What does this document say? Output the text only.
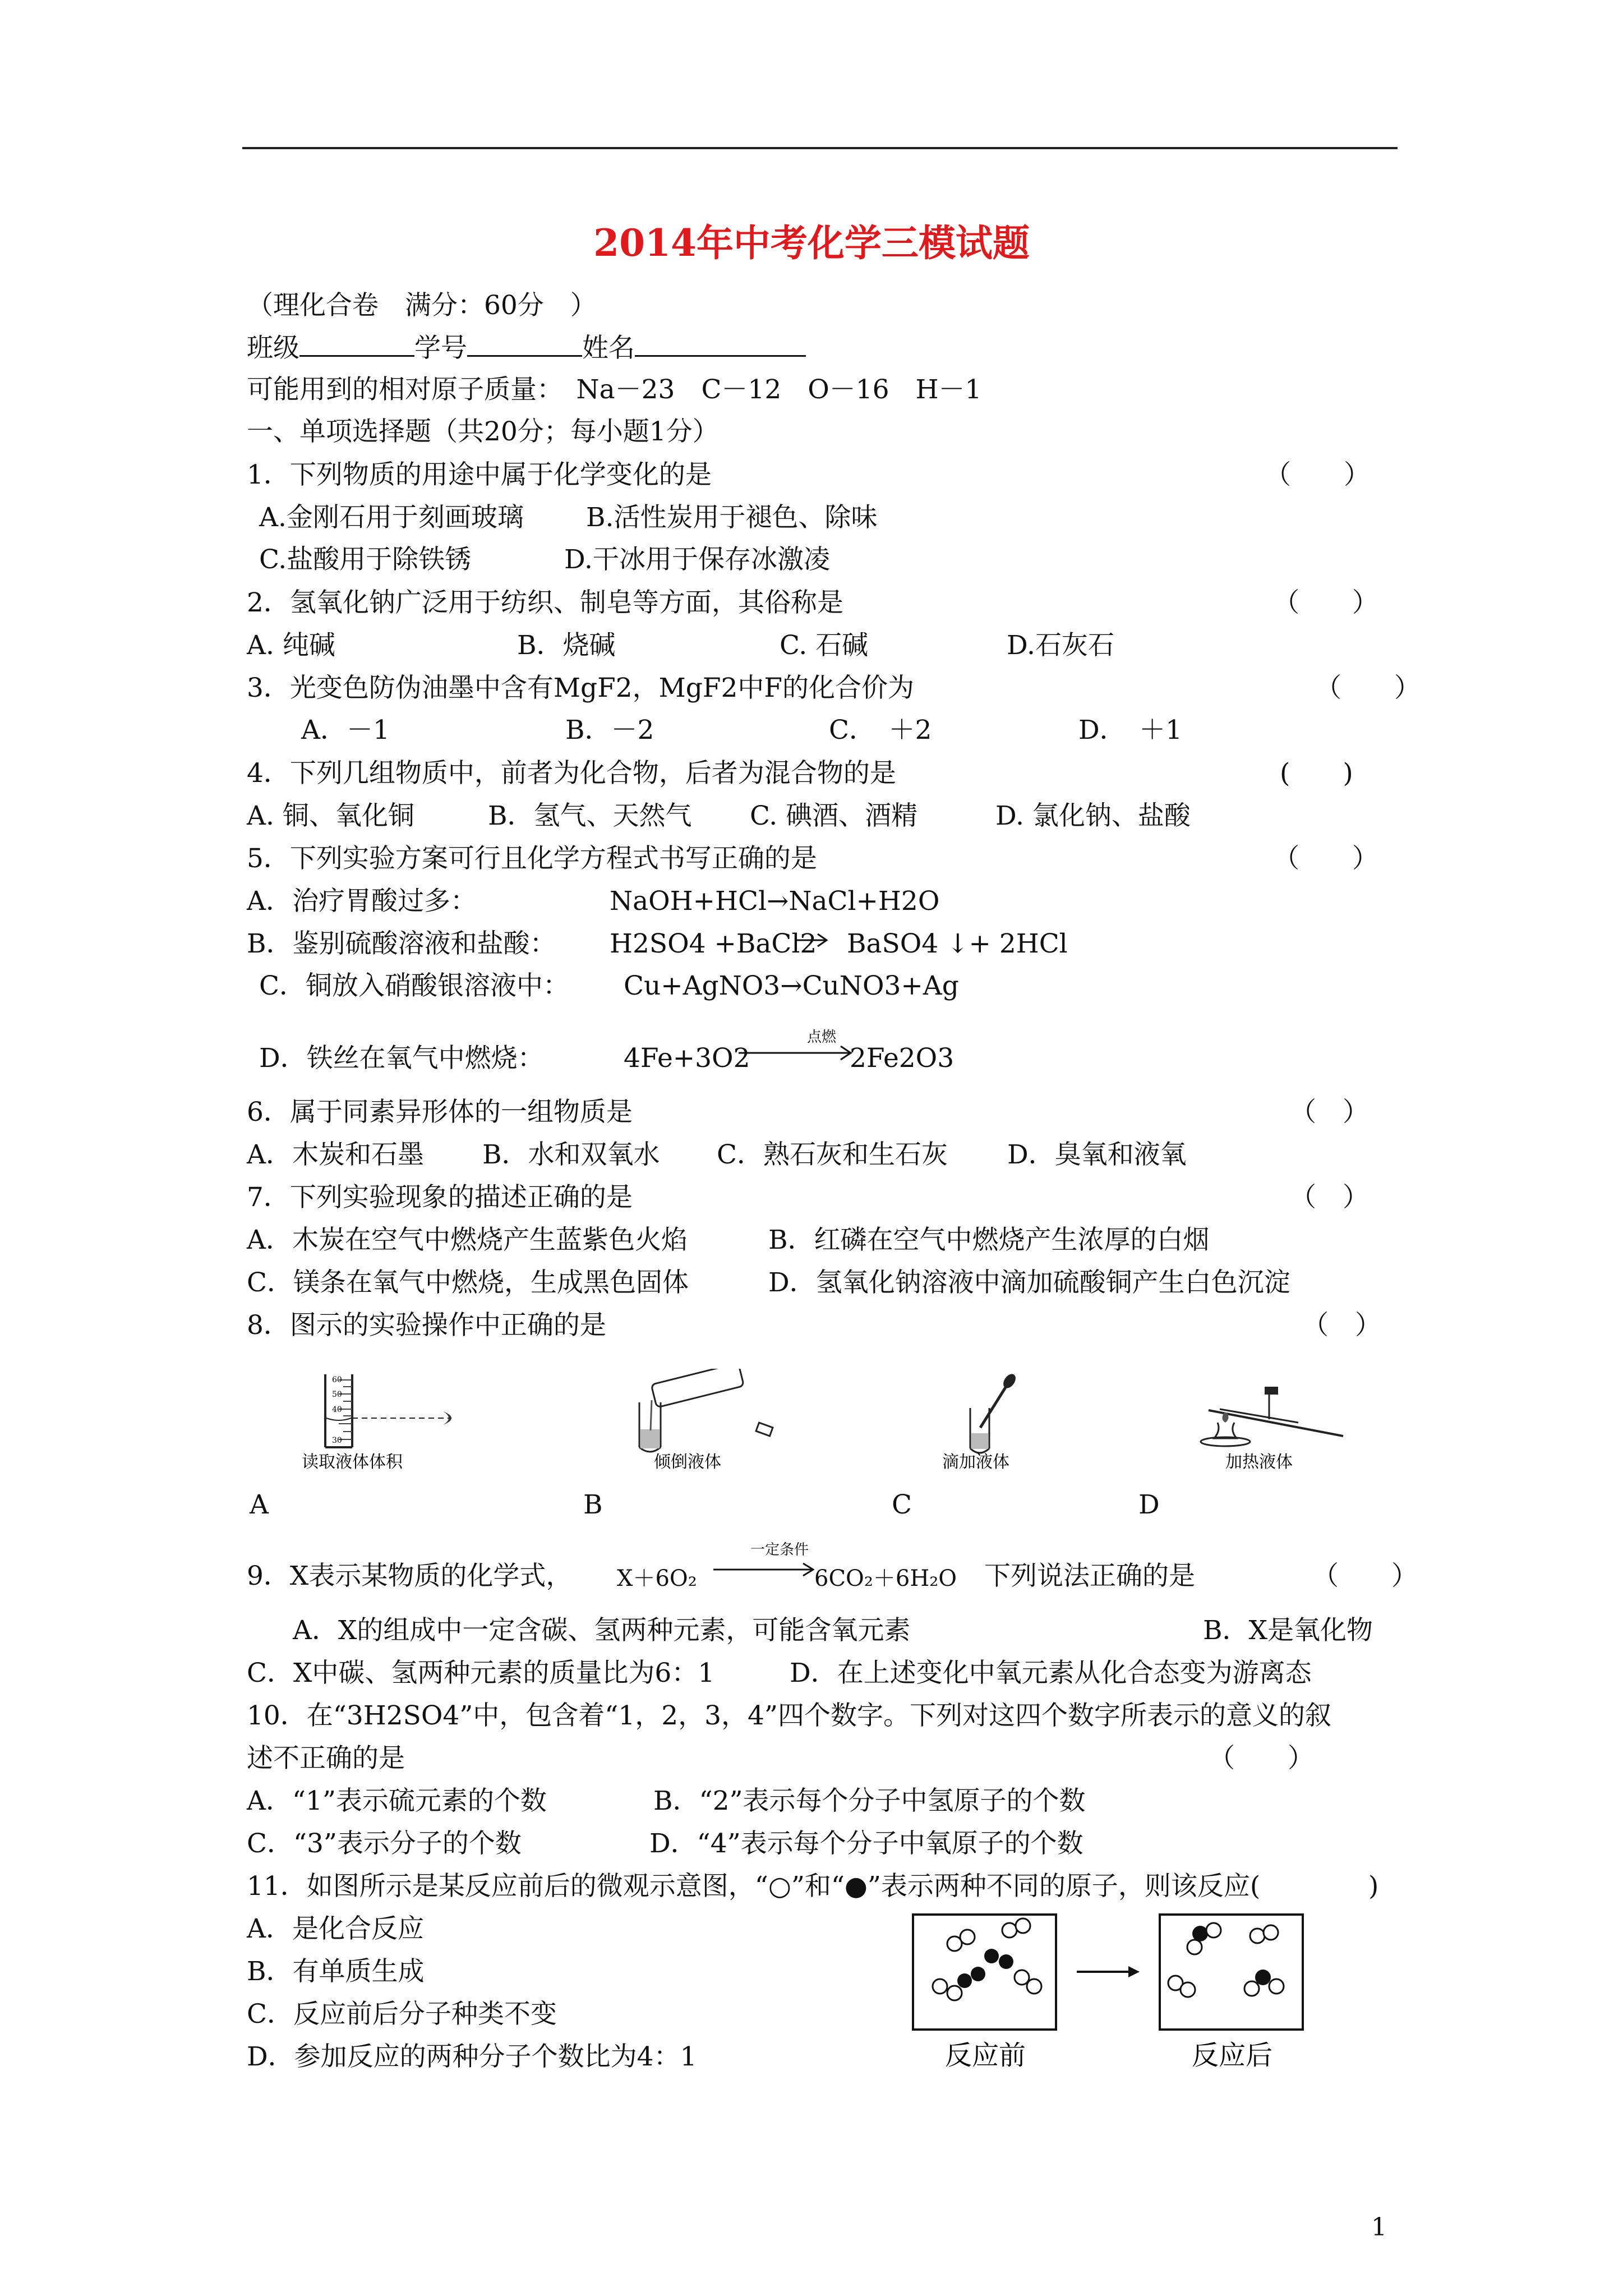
2014年中考化学三模试题
（理化合卷　满分：60分　）
班级	学号	姓名
可能用到的相对原子质量：　Na－23　C－12　O－16　H－1
一、单项选择题（共20分；每小题1分）
1．下列物质的用途中属于化学变化的是	（　　）
A.金刚石用于刻画玻璃 B.活性炭用于褪色、除味
C.盐酸用于除铁锈	D.干冰用于保存冰激凌
2．氢氧化钠广泛用于纺织、制皂等方面，其俗称是	（　　）
A. 纯碱	B．烧碱	C. 石碱	D.石灰石
3．光变色防伪油墨中含有MgF2，MgF2中F的化合价为	（　　）
A．－1	B．－2	C．　＋2	D．　＋1
4．下列几组物质中，前者为化合物，后者为混合物的是	(　　)
A. 铜、氧化铜	B．氢气、天然气 C. 碘酒、酒精	D. 氯化钠、盐酸
5．下列实验方案可行且化学方程式书写正确的是	（　　）
A．治疗胃酸过多：	NaOH+HCl→NaCl+H2O
B．鉴别硫酸溶液和盐酸： H2SO4 +BaCl2 BaSO4 ↓+ 2HCl
C．铜放入硝酸银溶液中： Cu+AgNO3→CuNO3+Ag
D．铁丝在氧气中燃烧：	4Fe+3O2
点燃
2Fe2O3
6．属于同素异形体的一组物质是	（　）
A．木炭和石墨 B．水和双氧水 C．熟石灰和生石灰 D．臭氧和液氧
7．下列实验现象的描述正确的是	（　）
A．木炭在空气中燃烧产生蓝紫色火焰	B．红磷在空气中燃烧产生浓厚的白烟
C．镁条在氧气中燃烧，生成黑色固体	D．氢氧化钠溶液中滴加硫酸铜产生白色沉淀
8．图示的实验操作中正确的是	（　）
60
50
40
30
读取液体体积	倾倒液体	滴加液体	加热液体
A	B	C	D
9．X表示某物质的化学式， X＋6O₂
一定条件
6CO₂＋6H₂O 下列说法正确的是	（　　）
A．X的组成中一定含碳、氢两种元素，可能含氧元素	B．X是氧化物
C．X中碳、氢两种元素的质量比为6：1	D．在上述变化中氧元素从化合态变为游离态
10．在“3H2SO4”中，包含着“1，2，3，4”四个数字。下列对这四个数字所表示的意义的叙
述不正确的是	（　　）
A．“1”表示硫元素的个数	B．“2”表示每个分子中氢原子的个数
C．“3”表示分子的个数	D．“4”表示每个分子中氧原子的个数
11．如图所示是某反应前后的微观示意图，“○”和“●”表示两种不同的原子，则该反应(	)
A．是化合反应
B．有单质生成
C．反应前后分子种类不变
D．参加反应的两种分子个数比为4：1	反应前	反应后
1
